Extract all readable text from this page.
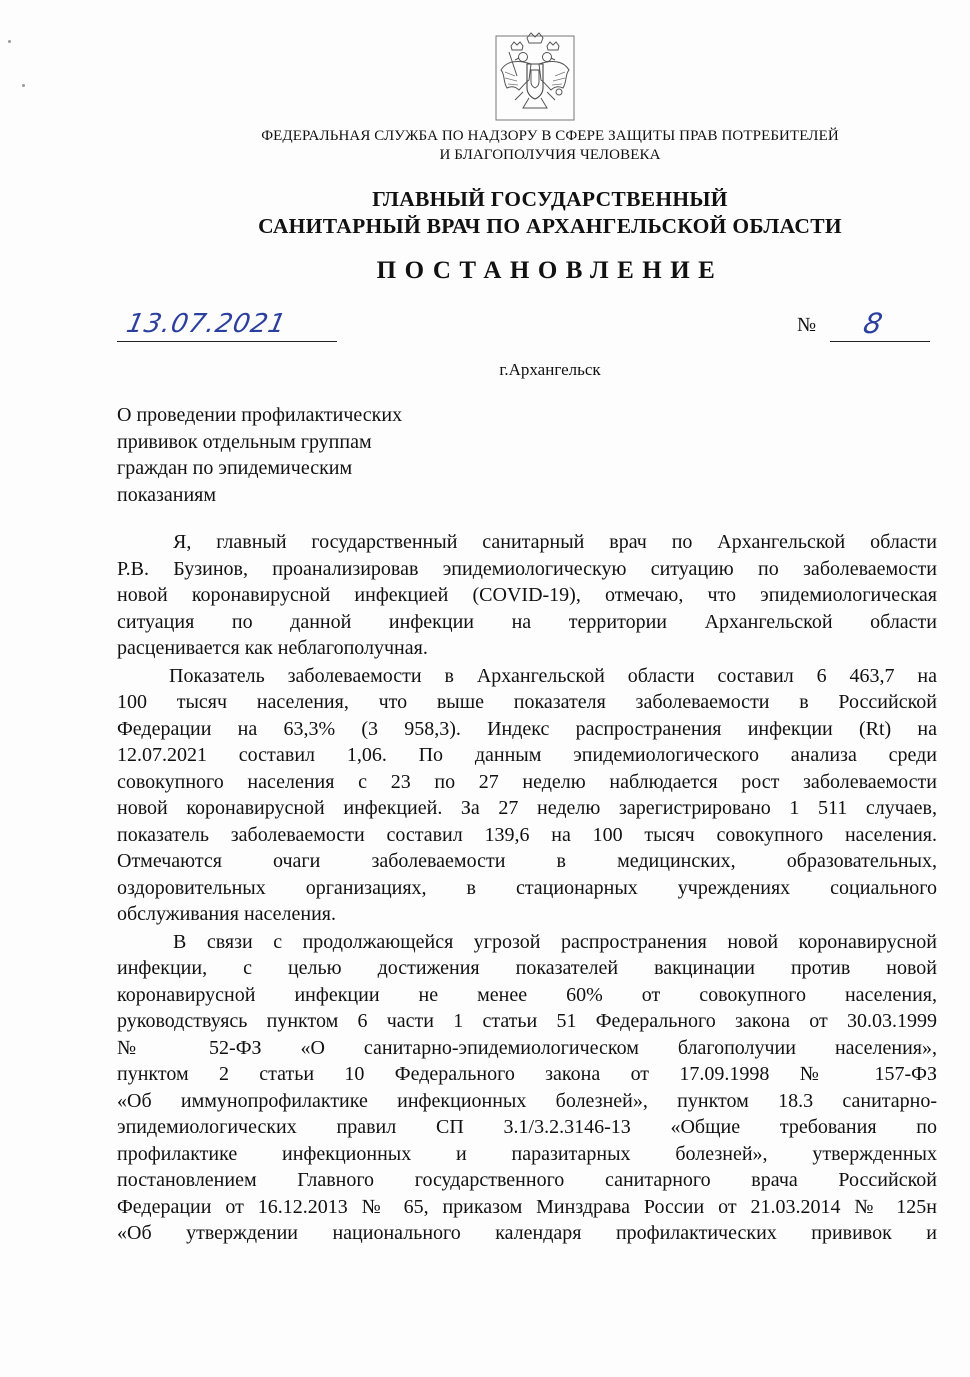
ФЕДЕРАЛЬНАЯ СЛУЖБА ПО НАДЗОРУ В СФЕРЕ ЗАЩИТЫ ПРАВ ПОТРЕБИТЕЛЕЙ
И БЛАГОПОЛУЧИЯ ЧЕЛОВЕКА
ГЛАВНЫЙ ГОСУДАРСТВЕННЫЙ
САНИТАРНЫЙ ВРАЧ ПО АРХАНГЕЛЬСКОЙ ОБЛАСТИ
ПОСТАНОВЛЕНИЕ
13.07.2021	№ 8
г.Архангельск
О проведении профилактических
прививок отдельным группам
граждан по эпидемическим
показаниям
Я, главный государственный санитарный врач по Архангельской области
Р.В. Бузинов, проанализировав эпидемиологическую ситуацию по заболеваемости
новой коронавирусной инфекцией (COVID-19), отмечаю, что эпидемиологическая
ситуация по данной инфекции на территории Архангельской области
расценивается как неблагополучная.
Показатель заболеваемости в Архангельской области составил 6 463,7 на
100 тысяч населения, что выше показателя заболеваемости в Российской
Федерации на 63,3% (3 958,3). Индекс распространения инфекции (Rt) на
12.07.2021 составил 1,06. По данным эпидемиологического анализа среди
совокупного населения с 23 по 27 неделю наблюдается рост заболеваемости
новой коронавирусной инфекцией. За 27 неделю зарегистрировано 1 511 случаев,
показатель заболеваемости составил 139,6 на 100 тысяч совокупного населения.
Отмечаются очаги заболеваемости в медицинских, образовательных,
оздоровительных организациях, в стационарных учреждениях социального
обслуживания населения.
В связи с продолжающейся угрозой распространения новой коронавирусной
инфекции, с целью достижения показателей вакцинации против новой
коронавирусной инфекции не менее 60% от совокупного населения,
руководствуясь пунктом 6 части 1 статьи 51 Федерального закона от 30.03.1999
№ 52-ФЗ «О санитарно-эпидемиологическом благополучии населения»,
пунктом 2 статьи 10 Федерального закона от 17.09.1998 № 157-ФЗ
«Об иммунопрофилактике инфекционных болезней», пунктом 18.3 санитарно-
эпидемиологических правил СП 3.1/3.2.3146-13 «Общие требования по
профилактике инфекционных и паразитарных болезней», утвержденных
постановлением Главного государственного санитарного врача Российской
Федерации от 16.12.2013 № 65, приказом Минздрава России от 21.03.2014 № 125н
«Об утверждении национального календаря профилактических прививок и
